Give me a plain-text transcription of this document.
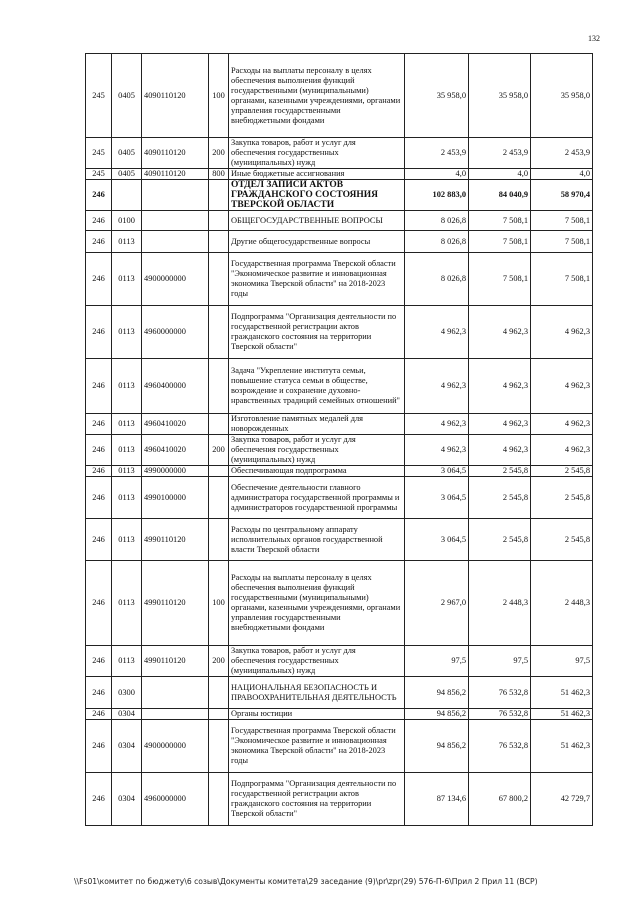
132
245	0405	4090110120	100	Расходы на выплаты персоналу в целях обеспечения выполнения функций государственными (муниципальными) органами, казенными учреждениями, органами управления государственными внебюджетными фондами	35 958,0	35 958,0	35 958,0
245	0405	4090110120	200	Закупка товаров, работ и услуг для обеспечения государственных (муниципальных) нужд	2 453,9	2 453,9	2 453,9
245	0405	4090110120	800	Иные бюджетные ассигнования	4,0	4,0	4,0
246				ОТДЕЛ ЗАПИСИ АКТОВ ГРАЖДАНСКОГО СОСТОЯНИЯ ТВЕРСКОЙ ОБЛАСТИ	102 883,0	84 040,9	58 970,4
246	0100			ОБЩЕГОСУДАРСТВЕННЫЕ ВОПРОСЫ	8 026,8	7 508,1	7 508,1
246	0113			Другие общегосударственные вопросы	8 026,8	7 508,1	7 508,1
246	0113	4900000000		Государственная программа Тверской области "Экономическое развитие и инновационная экономика Тверской области" на 2018-2023 годы	8 026,8	7 508,1	7 508,1
246	0113	4960000000		Подпрограмма "Организация деятельности по государственной регистрации актов гражданского состояния на территории Тверской области"	4 962,3	4 962,3	4 962,3
246	0113	4960400000		Задача "Укрепление института семьи, повышение статуса семьи в обществе, возрождение и сохранение духовно-нравственных традиций семейных отношений"	4 962,3	4 962,3	4 962,3
246	0113	4960410020		Изготовление памятных медалей для новорожденных	4 962,3	4 962,3	4 962,3
246	0113	4960410020	200	Закупка товаров, работ и услуг для обеспечения государственных (муниципальных) нужд	4 962,3	4 962,3	4 962,3
246	0113	4990000000		Обеспечивающая подпрограмма	3 064,5	2 545,8	2 545,8
246	0113	4990100000		Обеспечение деятельности главного администратора государственной программы и администраторов государственной программы	3 064,5	2 545,8	2 545,8
246	0113	4990110120		Расходы по центральному аппарату исполнительных органов государственной власти Тверской области	3 064,5	2 545,8	2 545,8
246	0113	4990110120	100	Расходы на выплаты персоналу в целях обеспечения выполнения функций государственными (муниципальными) органами, казенными учреждениями, органами управления государственными внебюджетными фондами	2 967,0	2 448,3	2 448,3
246	0113	4990110120	200	Закупка товаров, работ и услуг для обеспечения государственных (муниципальных) нужд	97,5	97,5	97,5
246	0300			НАЦИОНАЛЬНАЯ БЕЗОПАСНОСТЬ И ПРАВООХРАНИТЕЛЬНАЯ ДЕЯТЕЛЬНОСТЬ	94 856,2	76 532,8	51 462,3
246	0304			Органы юстиции	94 856,2	76 532,8	51 462,3
246	0304	4900000000		Государственная программа Тверской области "Экономическое развитие и инновационная экономика Тверской области" на 2018-2023 годы	94 856,2	76 532,8	51 462,3
246	0304	4960000000		Подпрограмма "Организация деятельности по государственной регистрации актов гражданского состояния на территории Тверской области"	87 134,6	67 800,2	42 729,7
\\Fs01\комитет по бюджету\6 созыв\Документы комитета\29 заседание (9)\pr\zpr(29) 576-П-6\Прил 2 Прил 11 (ВСР)
